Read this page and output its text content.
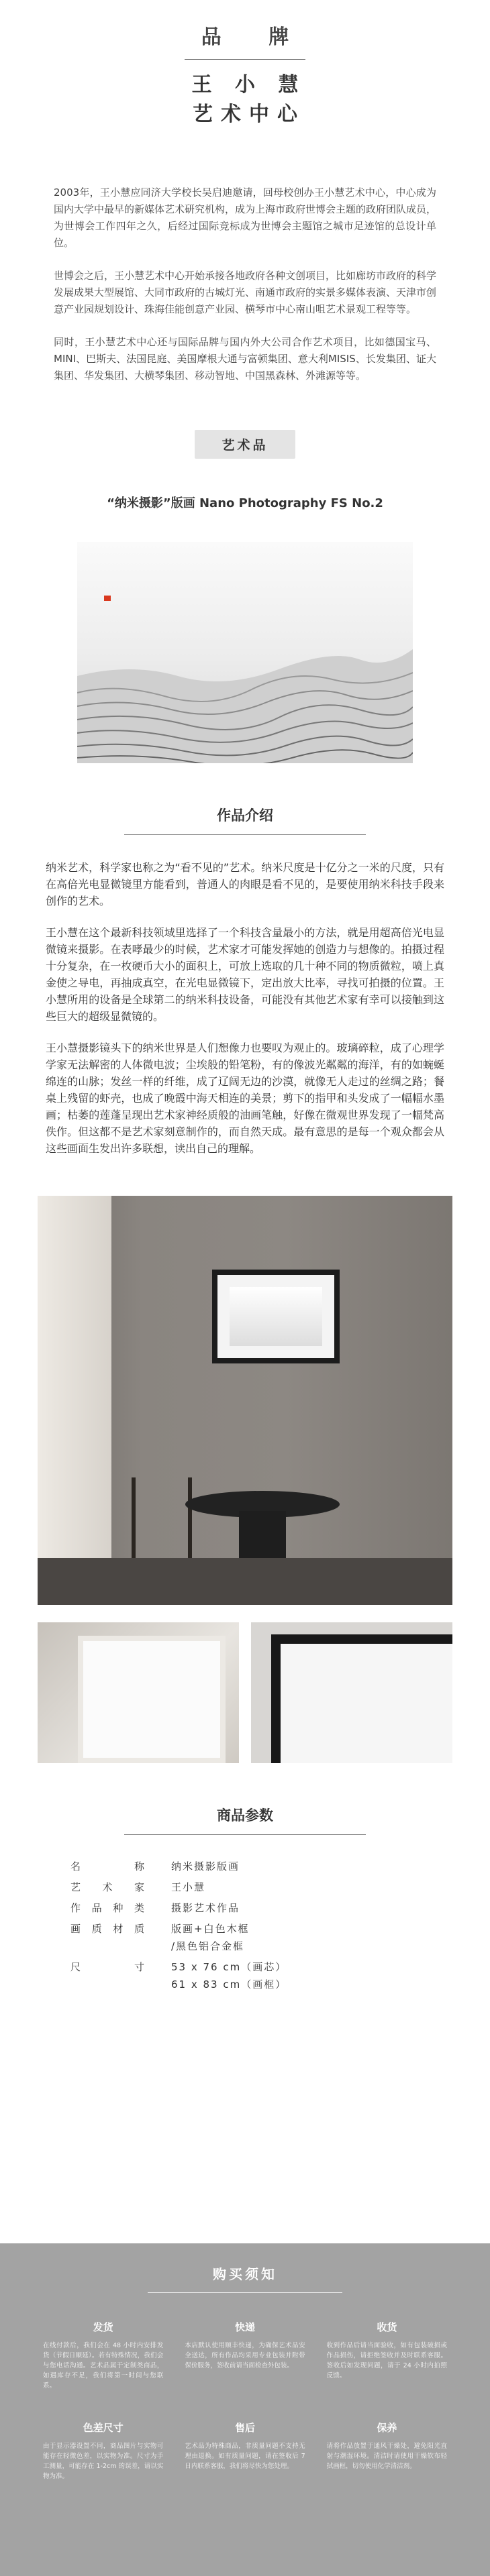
品 牌
王 小 慧
艺术中心

2003年，王小慧应同济大学校长吴启迪邀请，回母校创办王小慧艺术中心，中心成为国内大学中最早的新媒体艺术研究机构，成为上海市政府世博会主题的政府团队成员，为世博会工作四年之久，后经过国际竞标成为世博会主题馆之城市足迹馆的总设计单位。

世博会之后，王小慧艺术中心开始承接各地政府各种文创项目，比如廊坊市政府的科学发展成果大型展馆、大同市政府的古城灯光、南通市政府的实景多媒体表演、天津市创意产业园规划设计、珠海佳能创意产业园、横琴市中心南山咀艺术景观工程等等。

同时，王小慧艺术中心还与国际品牌与国内外大公司合作艺术项目，比如德国宝马、MINI、巴斯夫、法国昆庭、美国摩根大通与富顿集团、意大利MISIS、长发集团、证大集团、华发集团、大横琴集团、移动智地、中国黑森林、外滩源等等。

艺术品
“纳米摄影”版画 Nano Photography FS No.2
作品介绍

纳米艺术，科学家也称之为“看不见的”艺术。纳米尺度是十亿分之一米的尺度，只有在高倍光电显微镜里方能看到，普通人的肉眼是看不见的，是要使用纳米科技手段来创作的艺术。

王小慧在这个最新科技领域里选择了一个科技含量最小的方法，就是用超高倍光电显微镜来摄影。在表哮最少的时候，艺术家才可能发挥她的创造力与想像的。拍摄过程十分复杂，在一枚硬币大小的面积上，可放上选取的几十种不同的物质微粒，喷上真金使之导电，再抽成真空，在光电显微镜下，定出放大比率，寻找可拍摄的位置。王小慧所用的设备是全球第二的纳米科技设备，可能没有其他艺术家有幸可以接触到这些巨大的超级显微镜的。

王小慧摄影镜头下的纳米世界是人们想像力也要叹为观止的。玻璃碎粒，成了心理学学家无法解密的人体微电波；尘埃般的铅笔粉，有的像波光粼粼的海洋，有的如蜿蜒绵连的山脉；发丝一样的纤维，成了辽阔无边的沙漠，就像无人走过的丝绸之路；餐桌上残留的虾壳，也成了晚霞中海天相连的美景；剪下的指甲和头发成了一幅幅水墨画；枯萎的莲蓬呈现出艺术家神经质般的油画笔触，好像在微观世界发现了一幅梵高佚作。但这都不是艺术家刻意制作的，而自然天成。最有意思的是每一个观众都会从这些画面生发出许多联想，读出自己的理解。

商品参数
名 称	纳米摄影版画
艺 术 家	王小慧
作品种类	摄影艺术作品
画质材质	版画+白色木框
/黑色铝合金框
尺 寸	53 x 76 cm（画芯）
61 x 83 cm（画框）
购买须知
发货

在线付款后，我们会在 48 小时内安排发货（节假日顺延）。若有特殊情况，我们会与您电话沟通。艺术品属于定制类商品，如遇库存不足，我们将第一时间与您联系。

快递

本店默认使用顺丰快递，为确保艺术品安全送达，所有作品均采用专业包装并附带保价服务，签收前请当面检查外包装。

收货

收到作品后请当面验收，如有包装破损或作品损伤，请拒绝签收并及时联系客服。签收后如发现问题，请于 24 小时内拍照反馈。

色差尺寸

由于显示器设置不同，商品图片与实物可能存在轻微色差，以实物为准。尺寸为手工测量，可能存在 1-2cm 的误差，请以实物为准。

售后

艺术品为特殊商品，非质量问题不支持无理由退换。如有质量问题，请在签收后 7 日内联系客服，我们将尽快为您处理。

保养

请将作品放置于通风干燥处，避免阳光直射与潮湿环境。清洁时请使用干燥软布轻拭画框，切勿使用化学清洁剂。
